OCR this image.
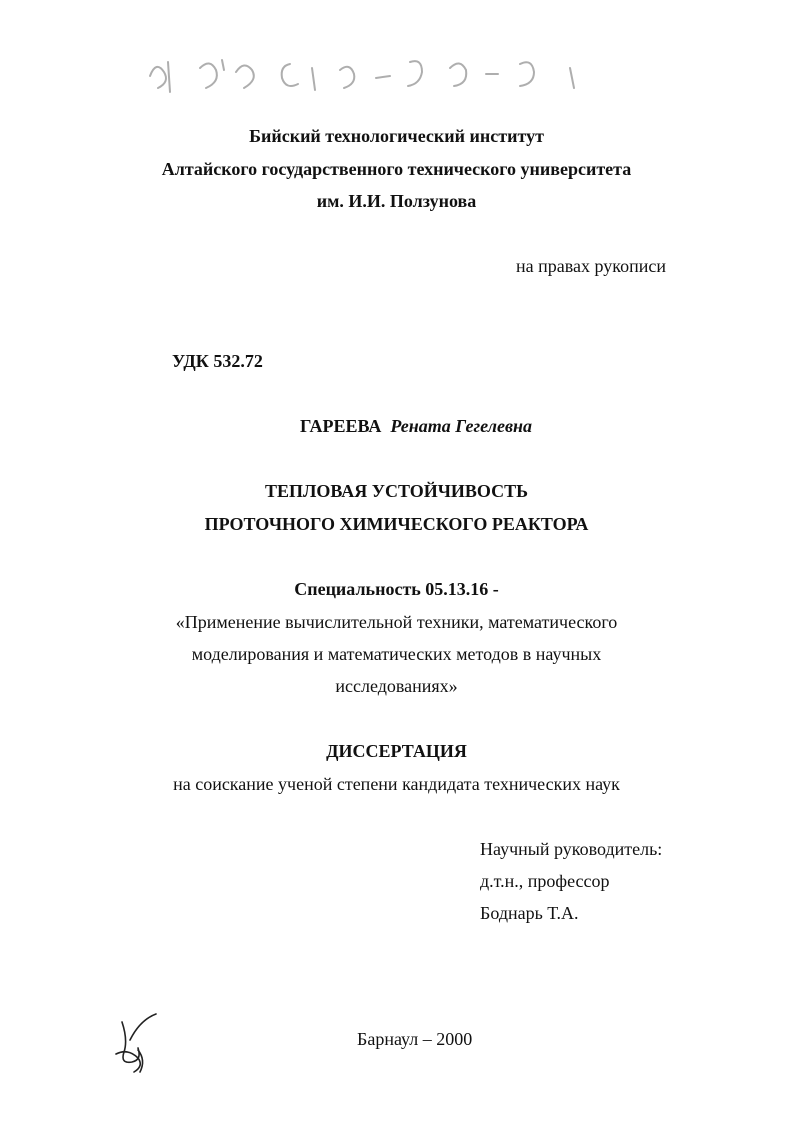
Бийский технологический институт
Алтайского государственного технического университета
им. И.И. Ползунова
на правах рукописи
УДК 532.72
ГАРЕЕВА Рената Гегелевна
ТЕПЛОВАЯ УСТОЙЧИВОСТЬ
ПРОТОЧНОГО ХИМИЧЕСКОГО РЕАКТОРА
Специальность 05.13.16 -
«Применение вычислительной техники, математического
моделирования и математических методов в научных
исследованиях»
ДИССЕРТАЦИЯ
на соискание ученой степени кандидата технических наук
Научный руководитель:
д.т.н., профессор
Боднарь Т.А.
Барнаул – 2000
